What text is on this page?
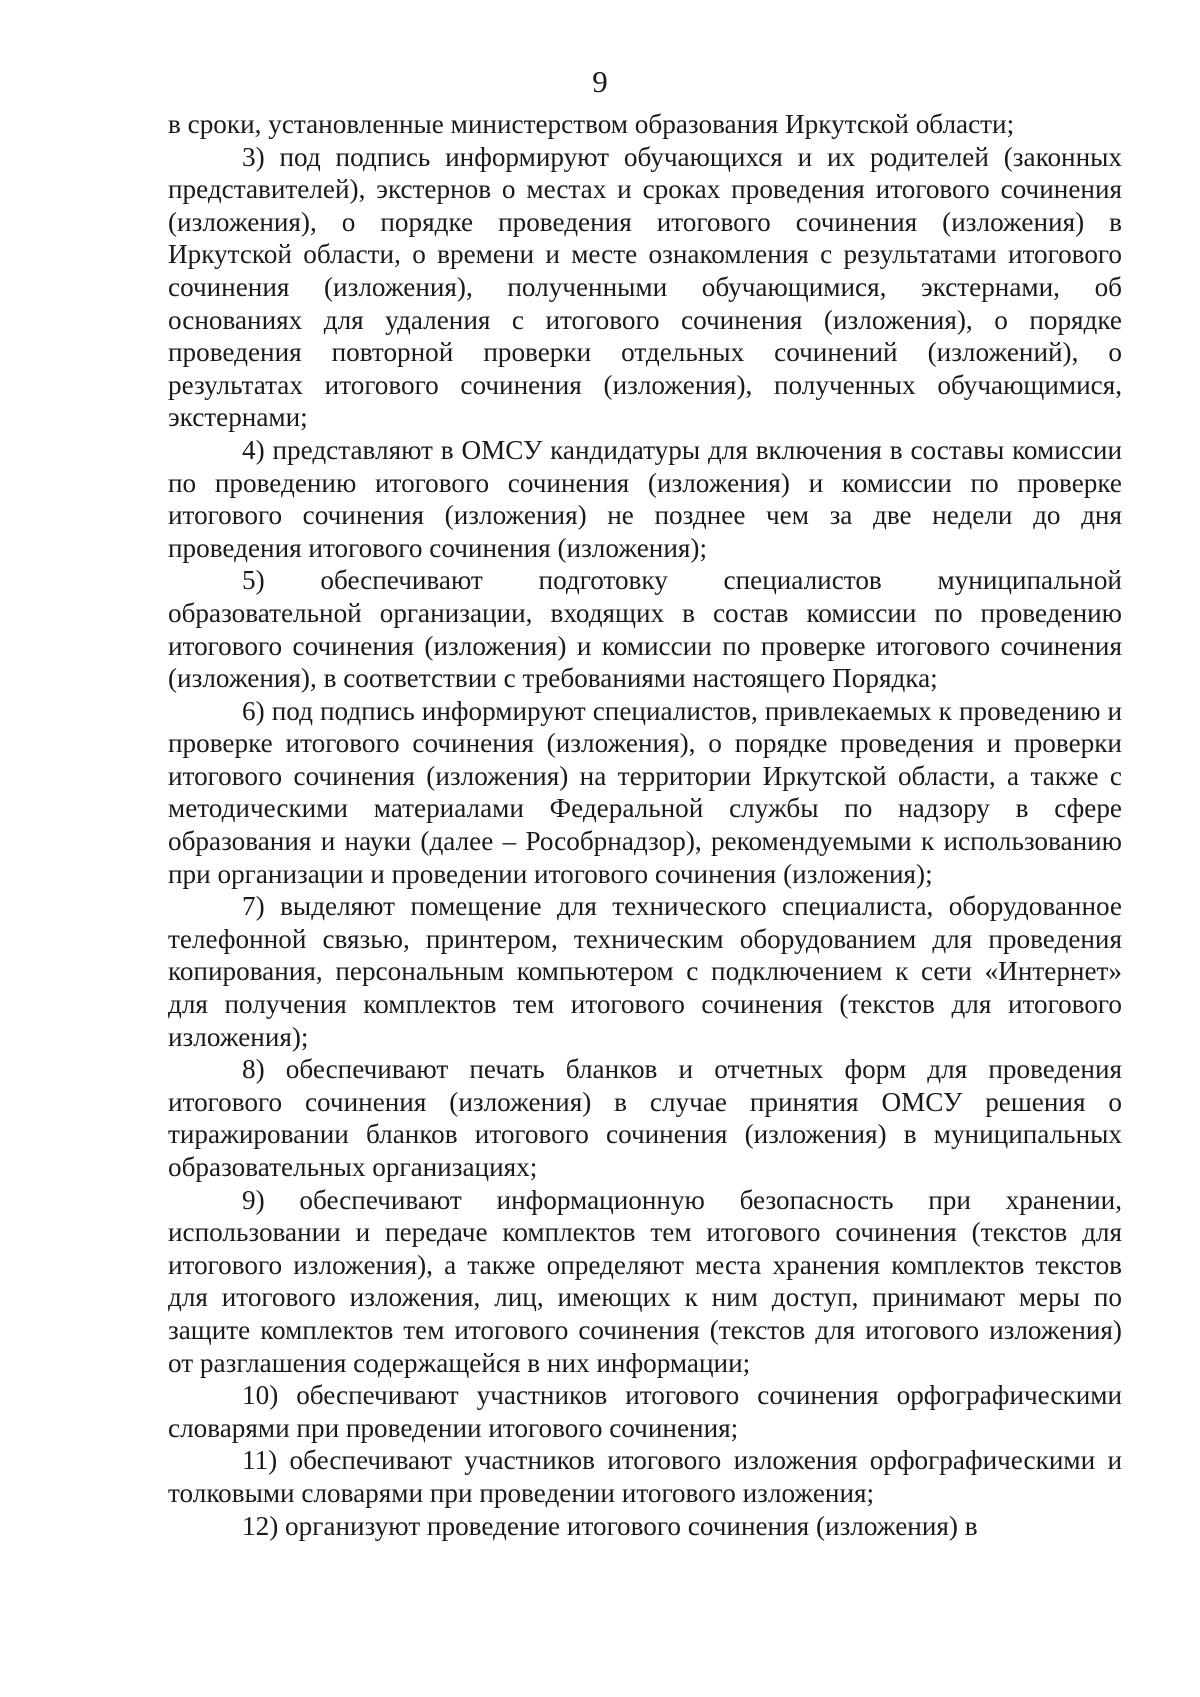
9

в сроки, установленные министерством образования Иркутской области;

3) под подпись информируют обучающихся и их родителей (законных представителей), экстернов о местах и сроках проведения итогового сочинения (изложения), о порядке проведения итогового сочинения (изложения) в Иркутской области, о времени и месте ознакомления с результатами итогового сочинения (изложения), полученными обучающимися, экстернами, об основаниях для удаления с итогового сочинения (изложения), о порядке проведения повторной проверки отдельных сочинений (изложений), о результатах итогового сочинения (изложения), полученных обучающимися, экстернами;

4) представляют в ОМСУ кандидатуры для включения в составы комиссии по проведению итогового сочинения (изложения) и комиссии по проверке итогового сочинения (изложения) не позднее чем за две недели до дня проведения итогового сочинения (изложения);

5) обеспечивают подготовку специалистов муниципальной образовательной организации, входящих в состав комиссии по проведению итогового сочинения (изложения) и комиссии по проверке итогового сочинения (изложения), в соответствии с требованиями настоящего Порядка;

6) под подпись информируют специалистов, привлекаемых к проведению и проверке итогового сочинения (изложения), о порядке проведения и проверки итогового сочинения (изложения) на территории Иркутской области, а также с методическими материалами Федеральной службы по надзору в сфере образования и науки (далее – Рособрнадзор), рекомендуемыми к использованию при организации и проведении итогового сочинения (изложения);

7) выделяют помещение для технического специалиста, оборудованное телефонной связью, принтером, техническим оборудованием для проведения копирования, персональным компьютером с подключением к сети «Интернет» для получения комплектов тем итогового сочинения (текстов для итогового изложения);

8) обеспечивают печать бланков и отчетных форм для проведения итогового сочинения (изложения) в случае принятия ОМСУ решения о тиражировании бланков итогового сочинения (изложения) в муниципальных образовательных организациях;

9) обеспечивают информационную безопасность при хранении, использовании и передаче комплектов тем итогового сочинения (текстов для итогового изложения), а также определяют места хранения комплектов текстов для итогового изложения, лиц, имеющих к ним доступ, принимают меры по защите комплектов тем итогового сочинения (текстов для итогового изложения) от разглашения содержащейся в них информации;

10) обеспечивают участников итогового сочинения орфографическими словарями при проведении итогового сочинения;

11) обеспечивают участников итогового изложения орфографическими и толковыми словарями при проведении итогового изложения;

12) организуют проведение итогового сочинения (изложения) в
